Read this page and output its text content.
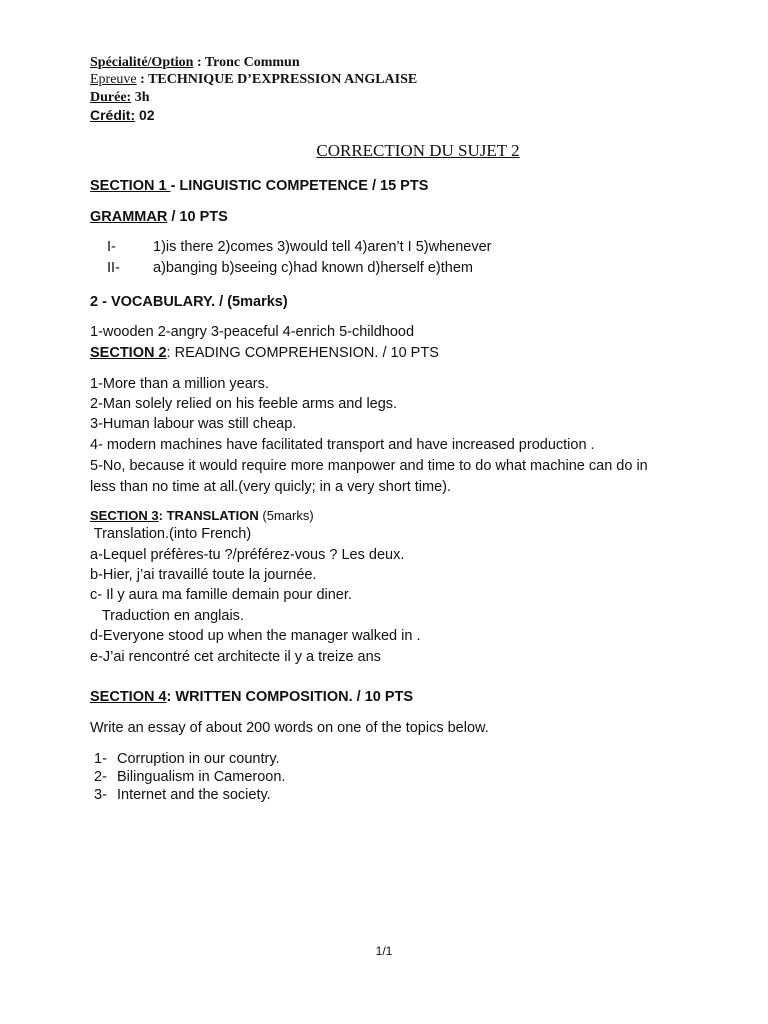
Spécialité/Option : Tronc Commun
Epreuve : TECHNIQUE D’EXPRESSION ANGLAISE
Durée: 3h
Crédit: 02
CORRECTION DU SUJET 2
SECTION 1 - LINGUISTIC COMPETENCE / 15 PTS
GRAMMAR / 10 PTS
I-	1)is there 2)comes 3)would tell 4)aren’t I 5)whenever
II- a)banging b)seeing c)had known d)herself e)them
2 - VOCABULARY. / (5marks)
1-wooden 2-angry 3-peaceful 4-enrich 5-childhood
SECTION 2: READING COMPREHENSION. / 10 PTS
1-More than a million years.
2-Man solely relied on his feeble arms and legs.
3-Human labour was still cheap.
4- modern machines have facilitated transport and have increased production .
5-No, because it would require more manpower and time to do what machine can do in
less than no time at all.(very quicly; in a very short time).
SECTION 3: TRANSLATION (5marks)
Translation.(into French)
a-Lequel préfères-tu ?/préférez-vous ? Les deux.
b-Hier, j’ai travaillé toute la journée.
c- Il y aura ma famille demain pour diner.
Traduction en anglais.
d-Everyone stood up when the manager walked in .
e-J’ai rencontré cet architecte il y a treize ans
SECTION 4: WRITTEN COMPOSITION. / 10 PTS
Write an essay of about 200 words on one of the topics below.
1- Corruption in our country.
2- Bilingualism in Cameroon.
3- Internet and the society.
1/1
